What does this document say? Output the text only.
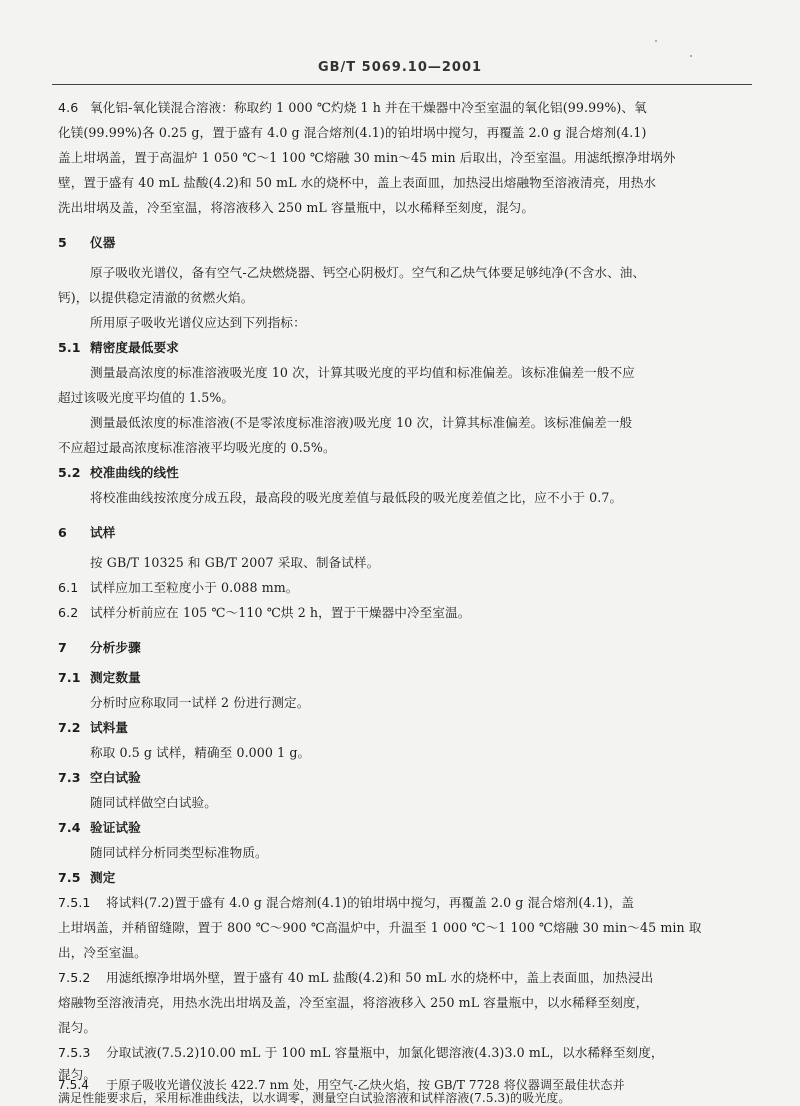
GB/T 5069.10—2001
4.6 氧化铝-氧化镁混合溶液：称取约 1 000 ℃灼烧 1 h 并在干燥器中冷至室温的氧化铝(99.99%)、氧
化镁(99.99%)各 0.25 g，置于盛有 4.0 g 混合熔剂(4.1)的铂坩埚中搅匀，再覆盖 2.0 g 混合熔剂(4.1)
盖上坩埚盖，置于高温炉 1 050 ℃～1 100 ℃熔融 30 min～45 min 后取出，冷至室温。用滤纸擦净坩埚外
壁，置于盛有 40 mL 盐酸(4.2)和 50 mL 水的烧杯中，盖上表面皿，加热浸出熔融物至溶液清亮，用热水
洗出坩埚及盖，冷至室温，将溶液移入 250 mL 容量瓶中，以水稀释至刻度，混匀。
5 仪器
原子吸收光谱仪，备有空气-乙炔燃烧器、钙空心阴极灯。空气和乙炔气体要足够纯净(不含水、油、
钙)，以提供稳定清澈的贫燃火焰。
所用原子吸收光谱仪应达到下列指标：
5.1 精密度最低要求
测量最高浓度的标准溶液吸光度 10 次，计算其吸光度的平均值和标准偏差。该标准偏差一般不应
超过该吸光度平均值的 1.5%。
测量最低浓度的标准溶液(不是零浓度标准溶液)吸光度 10 次，计算其标准偏差。该标准偏差一般
不应超过最高浓度标准溶液平均吸光度的 0.5%。
5.2 校准曲线的线性
将校准曲线按浓度分成五段，最高段的吸光度差值与最低段的吸光度差值之比，应不小于 0.7。
6 试样
按 GB/T 10325 和 GB/T 2007 采取、制备试样。
6.1 试样应加工至粒度小于 0.088 mm。
6.2 试样分析前应在 105 ℃～110 ℃烘 2 h，置于干燥器中冷至室温。
7 分析步骤
7.1 测定数量
分析时应称取同一试样 2 份进行测定。
7.2 试料量
称取 0.5 g 试样，精确至 0.000 1 g。
7.3 空白试验
随同试样做空白试验。
7.4 验证试验
随同试样分析同类型标准物质。
7.5 测定
7.5.1 将试料(7.2)置于盛有 4.0 g 混合熔剂(4.1)的铂坩埚中搅匀，再覆盖 2.0 g 混合熔剂(4.1)，盖
上坩埚盖，并稍留缝隙，置于 800 ℃～900 ℃高温炉中，升温至 1 000 ℃～1 100 ℃熔融 30 min～45 min 取
出，冷至室温。
7.5.2 用滤纸擦净坩埚外壁，置于盛有 40 mL 盐酸(4.2)和 50 mL 水的烧杯中，盖上表面皿，加热浸出
熔融物至溶液清亮，用热水洗出坩埚及盖，冷至室温，将溶液移入 250 mL 容量瓶中，以水稀释至刻度，
混匀。
7.5.3 分取试液(7.5.2)10.00 mL 于 100 mL 容量瓶中，加氯化锶溶液(4.3)3.0 mL，以水稀释至刻度，
混匀。
7.5.4 于原子吸收光谱仪波长 422.7 nm 处，用空气-乙炔火焰，按 GB/T 7728 将仪器调至最佳状态并
满足性能要求后，采用标准曲线法，以水调零，测量空白试验溶液和试样溶液(7.5.3)的吸光度。
